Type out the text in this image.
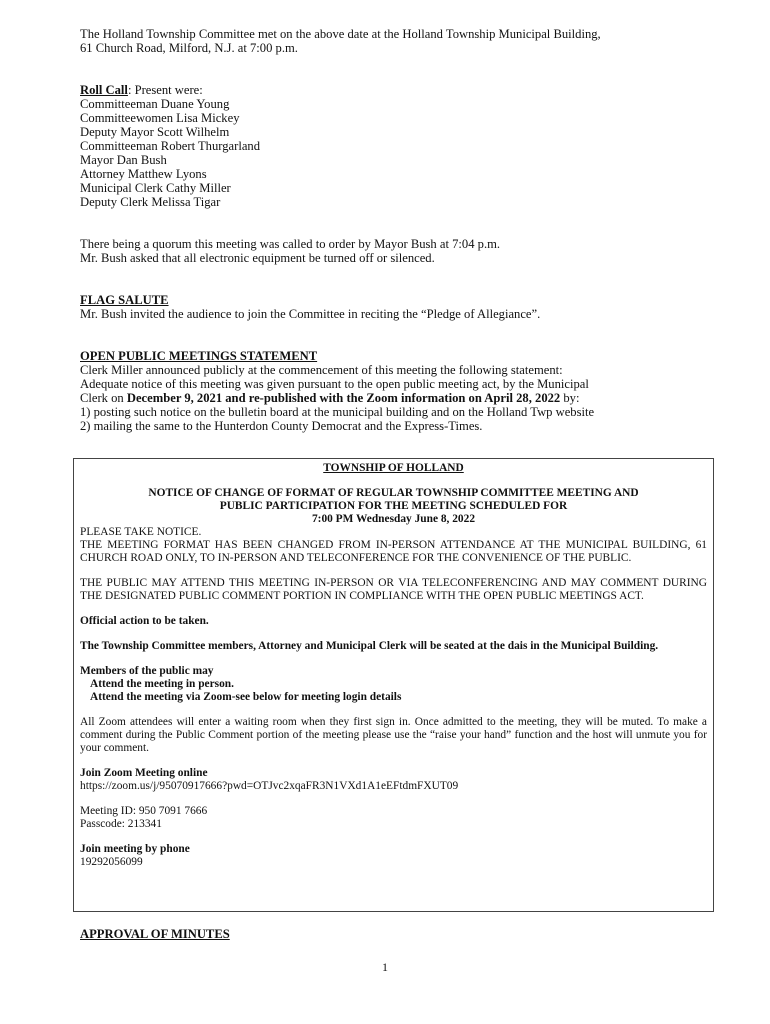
The Holland Township Committee met on the above date at the Holland Township Municipal Building,

61 Church Road, Milford, N.J. at 7:00 p.m.

Roll Call: Present were:

Committeeman Duane Young

Committeewomen Lisa Mickey

Deputy Mayor Scott Wilhelm

Committeeman Robert Thurgarland

Mayor Dan Bush

Attorney Matthew Lyons

Municipal Clerk Cathy Miller

Deputy Clerk Melissa Tigar

There being a quorum this meeting was called to order by Mayor Bush at 7:04 p.m.

Mr. Bush asked that all electronic equipment be turned off or silenced.

FLAG SALUTE

Mr. Bush invited the audience to join the Committee in reciting the “Pledge of Allegiance”.

OPEN PUBLIC MEETINGS STATEMENT

Clerk Miller announced publicly at the commencement of this meeting the following statement:

Adequate notice of this meeting was given pursuant to the open public meeting act, by the Municipal

Clerk on December 9, 2021 and re-published with the Zoom information on April 28, 2022 by:

1) posting such notice on the bulletin board at the municipal building and on the Holland Twp website

2) mailing the same to the Hunterdon County Democrat and the Express-Times.

TOWNSHIP OF HOLLAND

NOTICE OF CHANGE OF FORMAT OF REGULAR TOWNSHIP COMMITTEE MEETING AND

PUBLIC PARTICIPATION FOR THE MEETING SCHEDULED FOR

7:00 PM Wednesday June 8, 2022

PLEASE TAKE NOTICE.

THE MEETING FORMAT HAS BEEN CHANGED FROM IN-PERSON ATTENDANCE AT THE MUNICIPAL BUILDING, 61 CHURCH ROAD ONLY, TO IN-PERSON AND TELECONFERENCE FOR THE CONVENIENCE OF THE PUBLIC.

THE PUBLIC MAY ATTEND THIS MEETING IN-PERSON OR VIA TELECONFERENCING AND MAY COMMENT DURING THE DESIGNATED PUBLIC COMMENT PORTION IN COMPLIANCE WITH THE OPEN PUBLIC MEETINGS ACT.

Official action to be taken.

The Township Committee members, Attorney and Municipal Clerk will be seated at the dais in the Municipal Building.

Members of the public may

Attend the meeting in person.

Attend the meeting via Zoom-see below for meeting login details

All Zoom attendees will enter a waiting room when they first sign in. Once admitted to the meeting, they will be muted. To make a comment during the Public Comment portion of the meeting please use the “raise your hand” function and the host will unmute you for your comment.

Join Zoom Meeting online

https://zoom.us/j/95070917666?pwd=OTJvc2xqaFR3N1VXd1A1eEFtdmFXUT09

Meeting ID: 950 7091 7666

Passcode: 213341

Join meeting by phone

19292056099

APPROVAL OF MINUTES

1
